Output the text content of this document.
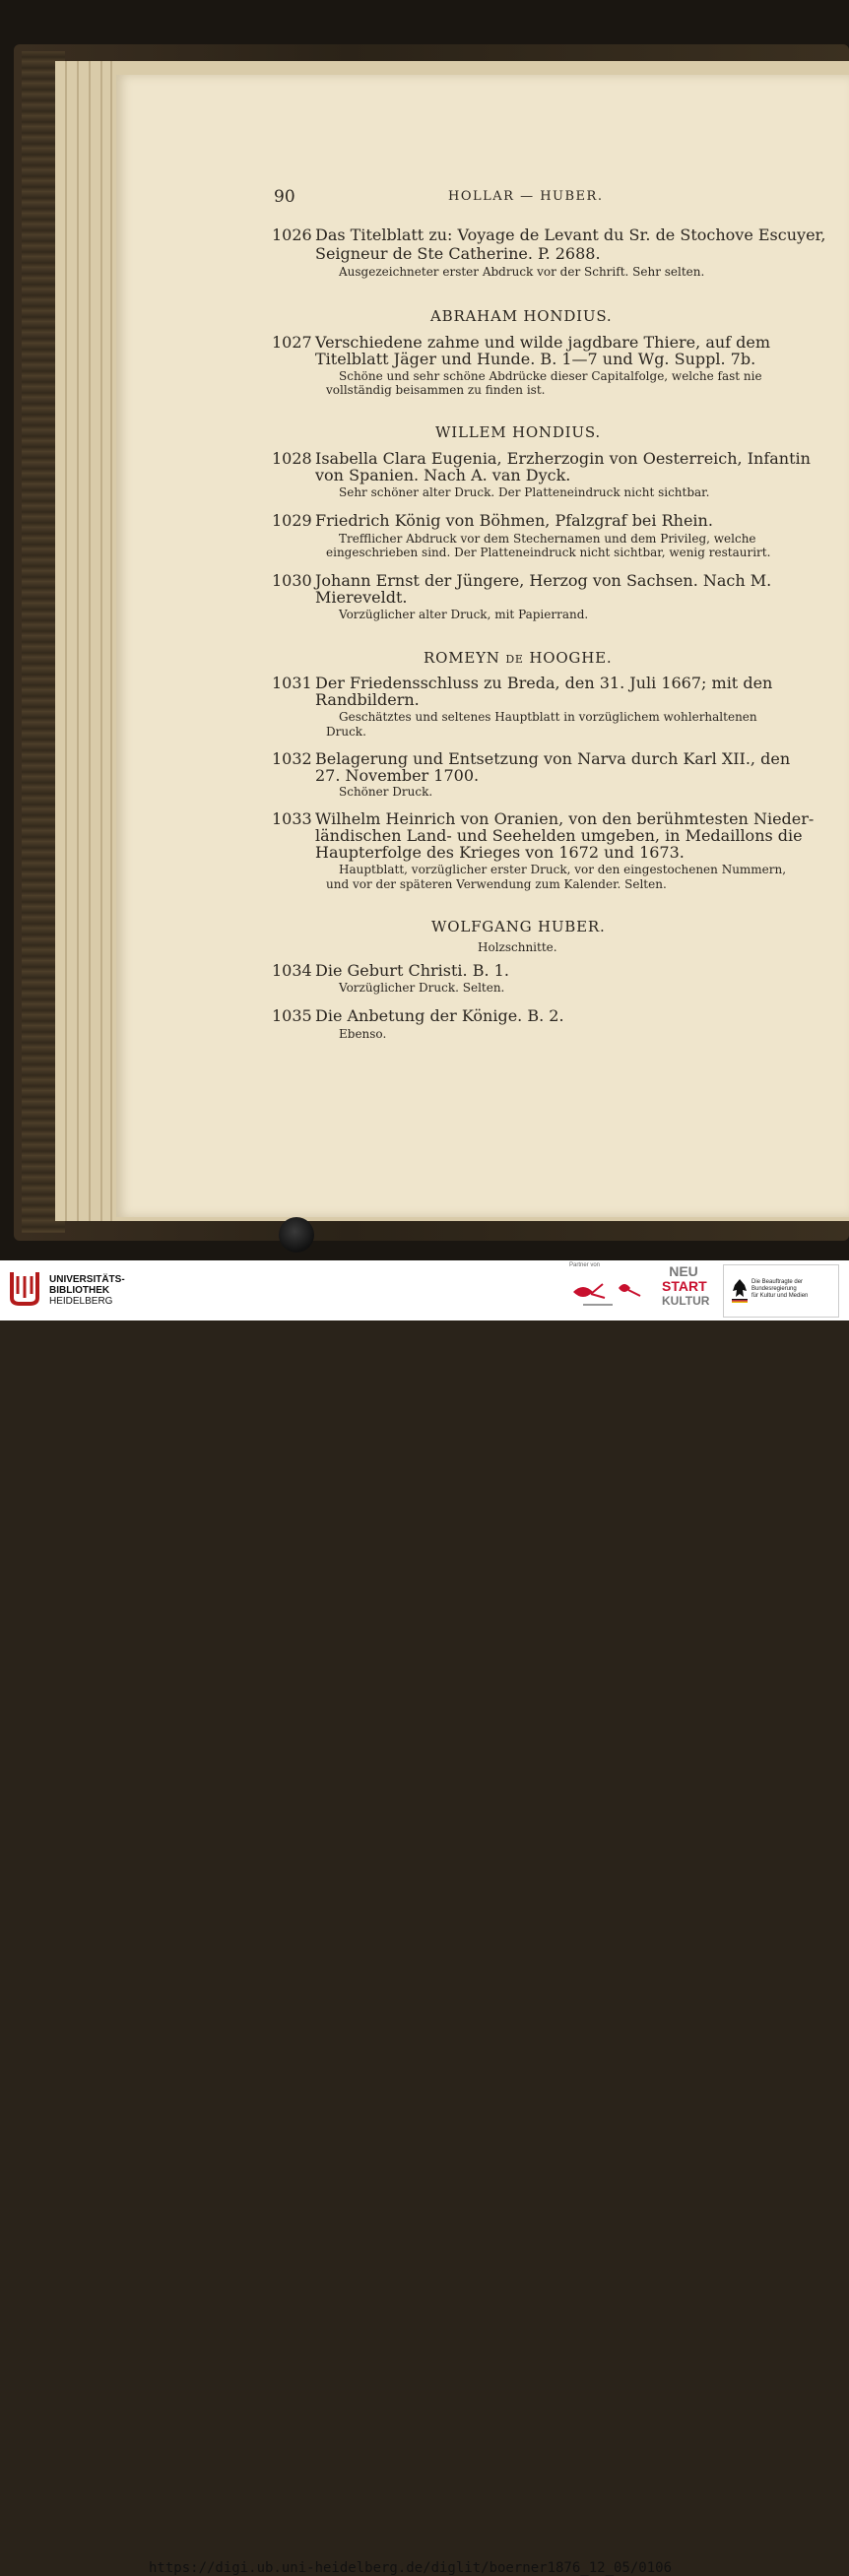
90	HOLLAR — HUBER.
1026 Das Titelblatt zu: Voyage de Levant du Sr. de Stochove Escuyer,
Seigneur de Ste Catherine. P. 2688.
Ausgezeichneter erster Abdruck vor der Schrift. Sehr selten.
ABRAHAM HONDIUS.
1027 Verschiedene zahme und wilde jagdbare Thiere, auf dem
Titelblatt Jäger und Hunde. B. 1—7 und Wg. Suppl. 7b.
Schöne und sehr schöne Abdrücke dieser Capitalfolge, welche fast nie
vollständig beisammen zu finden ist.
WILLEM HONDIUS.
1028 Isabella Clara Eugenia, Erzherzogin von Oesterreich, Infantin
von Spanien. Nach A. van Dyck.
Sehr schöner alter Druck. Der Platteneindruck nicht sichtbar.
1029 Friedrich König von Böhmen, Pfalzgraf bei Rhein.
Trefflicher Abdruck vor dem Stechernamen und dem Privileg, welche
eingeschrieben sind. Der Platteneindruck nicht sichtbar, wenig restaurirt.
1030 Johann Ernst der Jüngere, Herzog von Sachsen. Nach M.
Miereveldt.
Vorzüglicher alter Druck, mit Papierrand.
ROMEYN DE HOOGHE.
1031 Der Friedensschluss zu Breda, den 31. Juli 1667; mit den
Randbildern.
Geschätztes und seltenes Hauptblatt in vorzüglichem wohlerhaltenen
Druck.
1032 Belagerung und Entsetzung von Narva durch Karl XII., den
27. November 1700.
Schöner Druck.
1033 Wilhelm Heinrich von Oranien, von den berühmtesten Nieder-
ländischen Land- und Seehelden umgeben, in Medaillons die
Haupterfolge des Krieges von 1672 und 1673.
Hauptblatt, vorzüglicher erster Druck, vor den eingestochenen Nummern,
und vor der späteren Verwendung zum Kalender. Selten.
WOLFGANG HUBER.
Holzschnitte.
1034 Die Geburt Christi. B. 1.
Vorzüglicher Druck. Selten.
1035 Die Anbetung der Könige. B. 2.
Ebenso.
UNIVERSITÄTS-
BIBLIOTHEK
HEIDELBERG
Partner von	NEU
START
KULTUR
Die Beauftragte der Bundesregierung
für Kultur und Medien
https://digi.ub.uni-heidelberg.de/diglit/boerner1876_12_05/0106
